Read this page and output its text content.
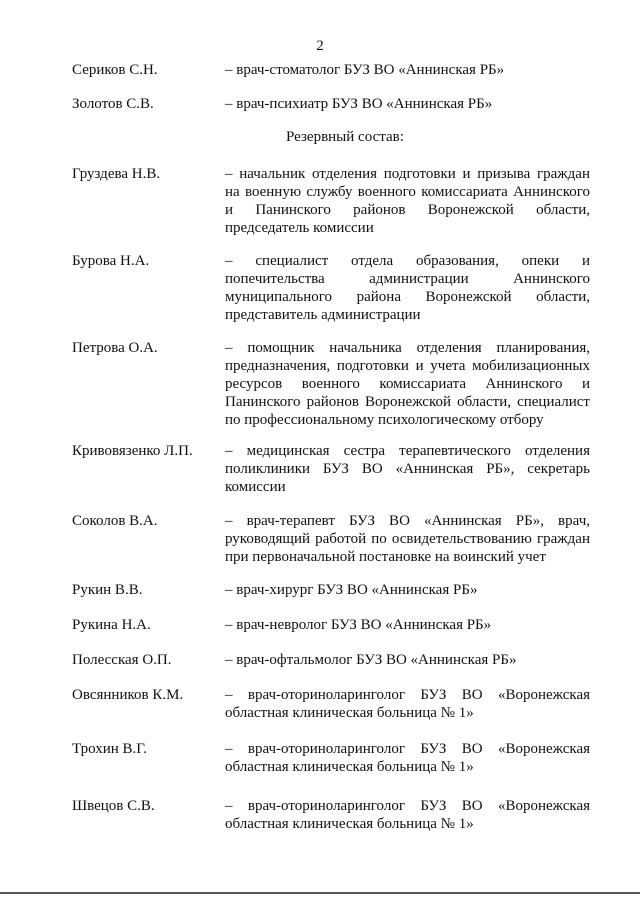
2
Сериков С.Н.	– врач-стоматолог БУЗ ВО «Аннинская РБ»
Золотов С.В.	– врач-психиатр БУЗ ВО «Аннинская РБ»
Резервный состав:
Груздева Н.В.	– начальник отделения подготовки и призыва граждан на военную службу военного комиссариата Аннинского и Панинского районов Воронежской области, председатель комиссии
Бурова Н.А.	– специалист отдела образования, опеки и попечительства администрации Аннинского муниципального района Воронежской области, представитель администрации
Петрова О.А.	– помощник начальника отделения планирования, предназначения, подготовки и учета мобилизационных ресурсов военного комиссариата Аннинского и Панинского районов Воронежской области, специалист по профессиональному психологическому отбору
Кривовязенко Л.П. – медицинская сестра терапевтического отделения поликлиники БУЗ ВО «Аннинская РБ», секретарь комиссии
Соколов В.А.	– врач-терапевт БУЗ ВО «Аннинская РБ», врач, руководящий работой по освидетельствованию граждан при первоначальной постановке на воинский учет
Рукин В.В.	– врач-хирург БУЗ ВО «Аннинская РБ»
Рукина Н.А.	– врач-невролог БУЗ ВО «Аннинская РБ»
Полесская О.П.	– врач-офтальмолог БУЗ ВО «Аннинская РБ»
Овсянников К.М.	– врач-оториноларинголог БУЗ ВО «Воронежская областная клиническая больница № 1»
Трохин В.Г.	– врач-оториноларинголог БУЗ ВО «Воронежская областная клиническая больница № 1»
Швецов С.В.	– врач-оториноларинголог БУЗ ВО «Воронежская областная клиническая больница № 1»
